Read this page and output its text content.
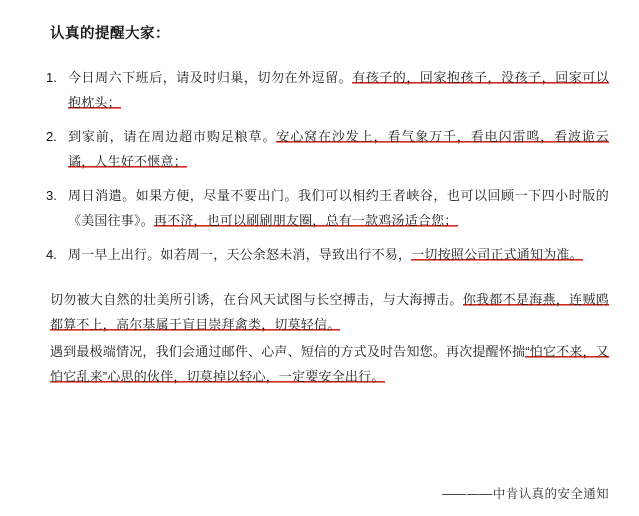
认真的提醒大家：
1. 今日周六下班后，请及时归巢，切勿在外逗留。有孩子的，回家抱孩子，没孩子，回家可以抱枕头；
2. 到家前，请在周边超市购足粮草。安心窝在沙发上，看气象万千，看电闪雷鸣，看波诡云谲，人生好不惬意；
3. 周日消遣。如果方便，尽量不要出门。我们可以相约王者峡谷，也可以回顾一下四小时版的《美国往事》。再不济，也可以刷刷朋友圈，总有一款鸡汤适合您；
4. 周一早上出行。如若周一，天公余怒未消，导致出行不易，一切按照公司正式通知为准。

切勿被大自然的壮美所引诱，在台风天试图与长空搏击，与大海搏击。你我都不是海燕，连贼鸥都算不上，高尔基属于盲目崇拜禽类，切莫轻信。

遇到最极端情况，我们会通过邮件、心声、短信的方式及时告知您。再次提醒怀揣“怕它不来，又怕它乱来”心思的伙伴，切莫掉以轻心，一定要安全出行。

—— ——中肯认真的安全通知
